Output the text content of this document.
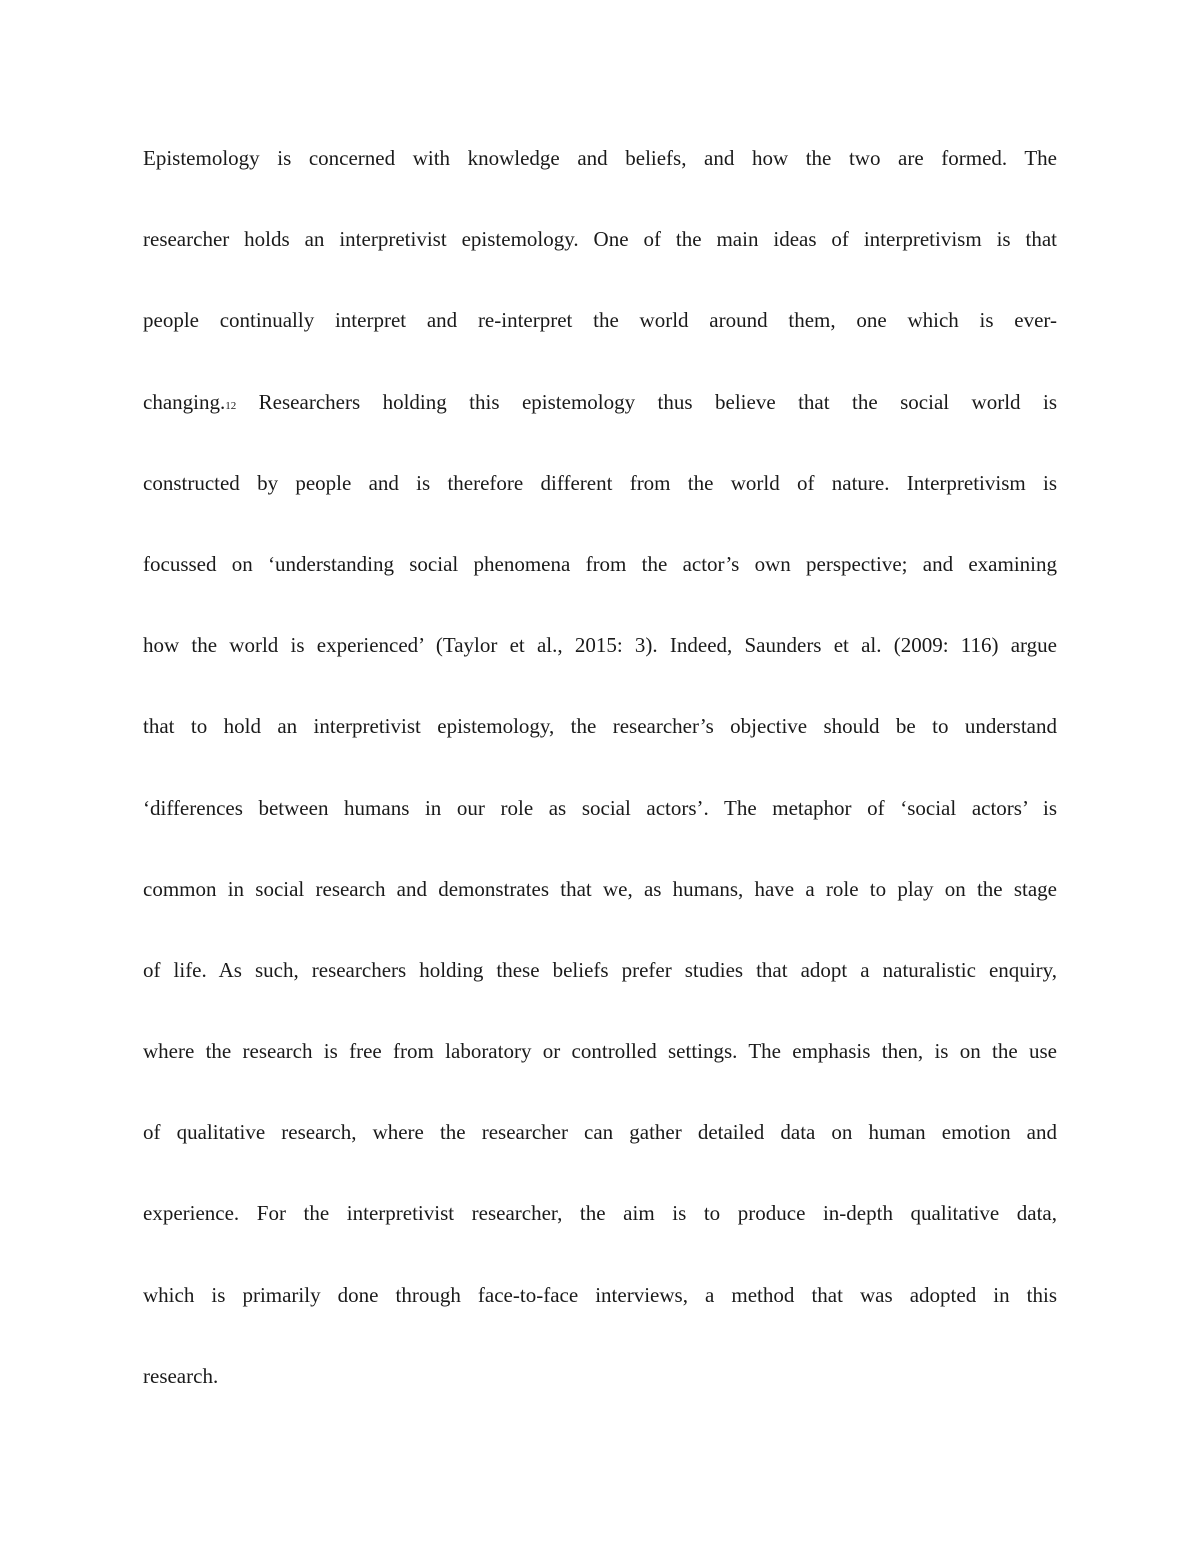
Epistemology is concerned with knowledge and beliefs, and how the two are formed. The
researcher holds an interpretivist epistemology. One of the main ideas of interpretivism is that
people continually interpret and re-interpret the world around them, one which is ever-
changing.12 Researchers holding this epistemology thus believe that the social world is
constructed by people and is therefore different from the world of nature. Interpretivism is
focussed on ‘understanding social phenomena from the actor’s own perspective; and examining
how the world is experienced’ (Taylor et al., 2015: 3). Indeed, Saunders et al. (2009: 116) argue
that to hold an interpretivist epistemology, the researcher’s objective should be to understand
‘differences between humans in our role as social actors’. The metaphor of ‘social actors’ is
common in social research and demonstrates that we, as humans, have a role to play on the stage
of life. As such, researchers holding these beliefs prefer studies that adopt a naturalistic enquiry,
where the research is free from laboratory or controlled settings. The emphasis then, is on the use
of qualitative research, where the researcher can gather detailed data on human emotion and
experience. For the interpretivist researcher, the aim is to produce in-depth qualitative data,
which is primarily done through face-to-face interviews, a method that was adopted in this
research.
